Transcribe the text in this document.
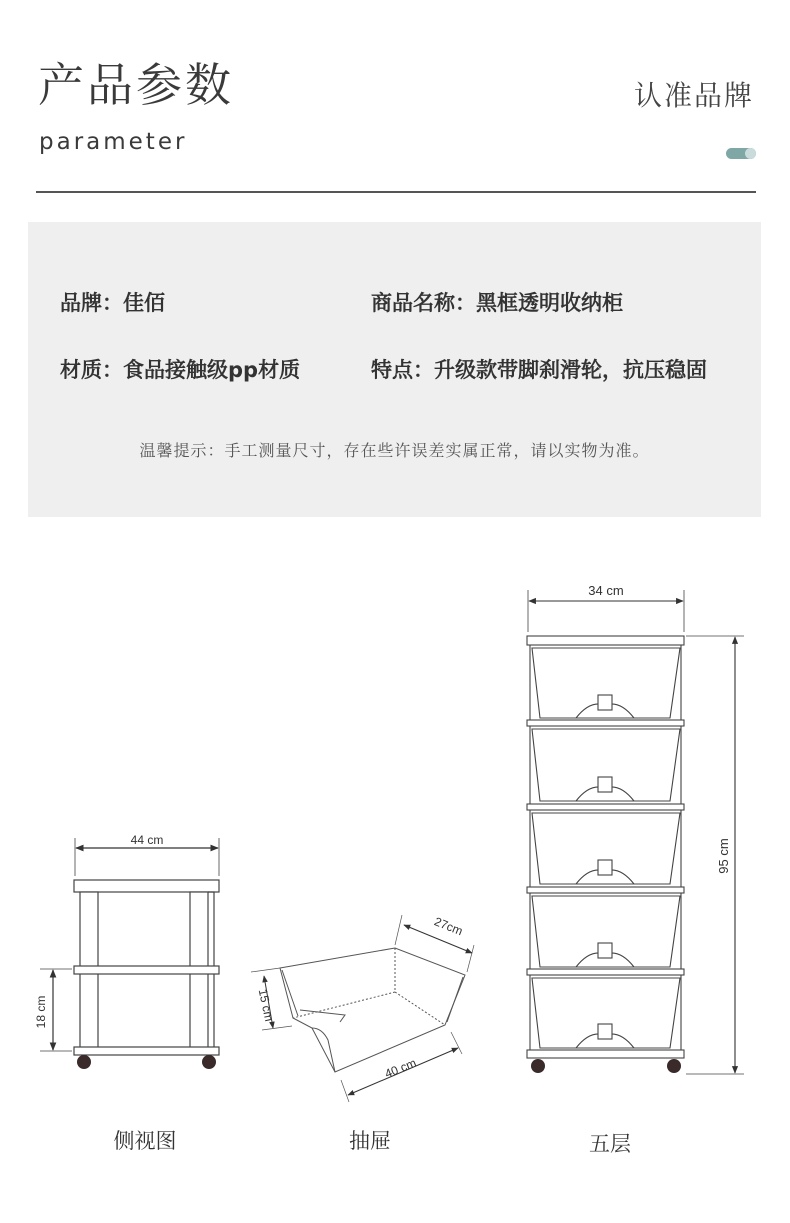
产品参数
parameter
认准品牌
品牌：佳佰	商品名称：黑框透明收纳柜
材质：食品接触级pp材质	特点：升级款带脚刹滑轮，抗压稳固
温馨提示：手工测量尺寸，存在些许误差实属正常，请以实物为准。
44 cm
18 cm
27cm
15 cm
40 cm
34 cm
95 cm
侧视图	抽屉	五层
